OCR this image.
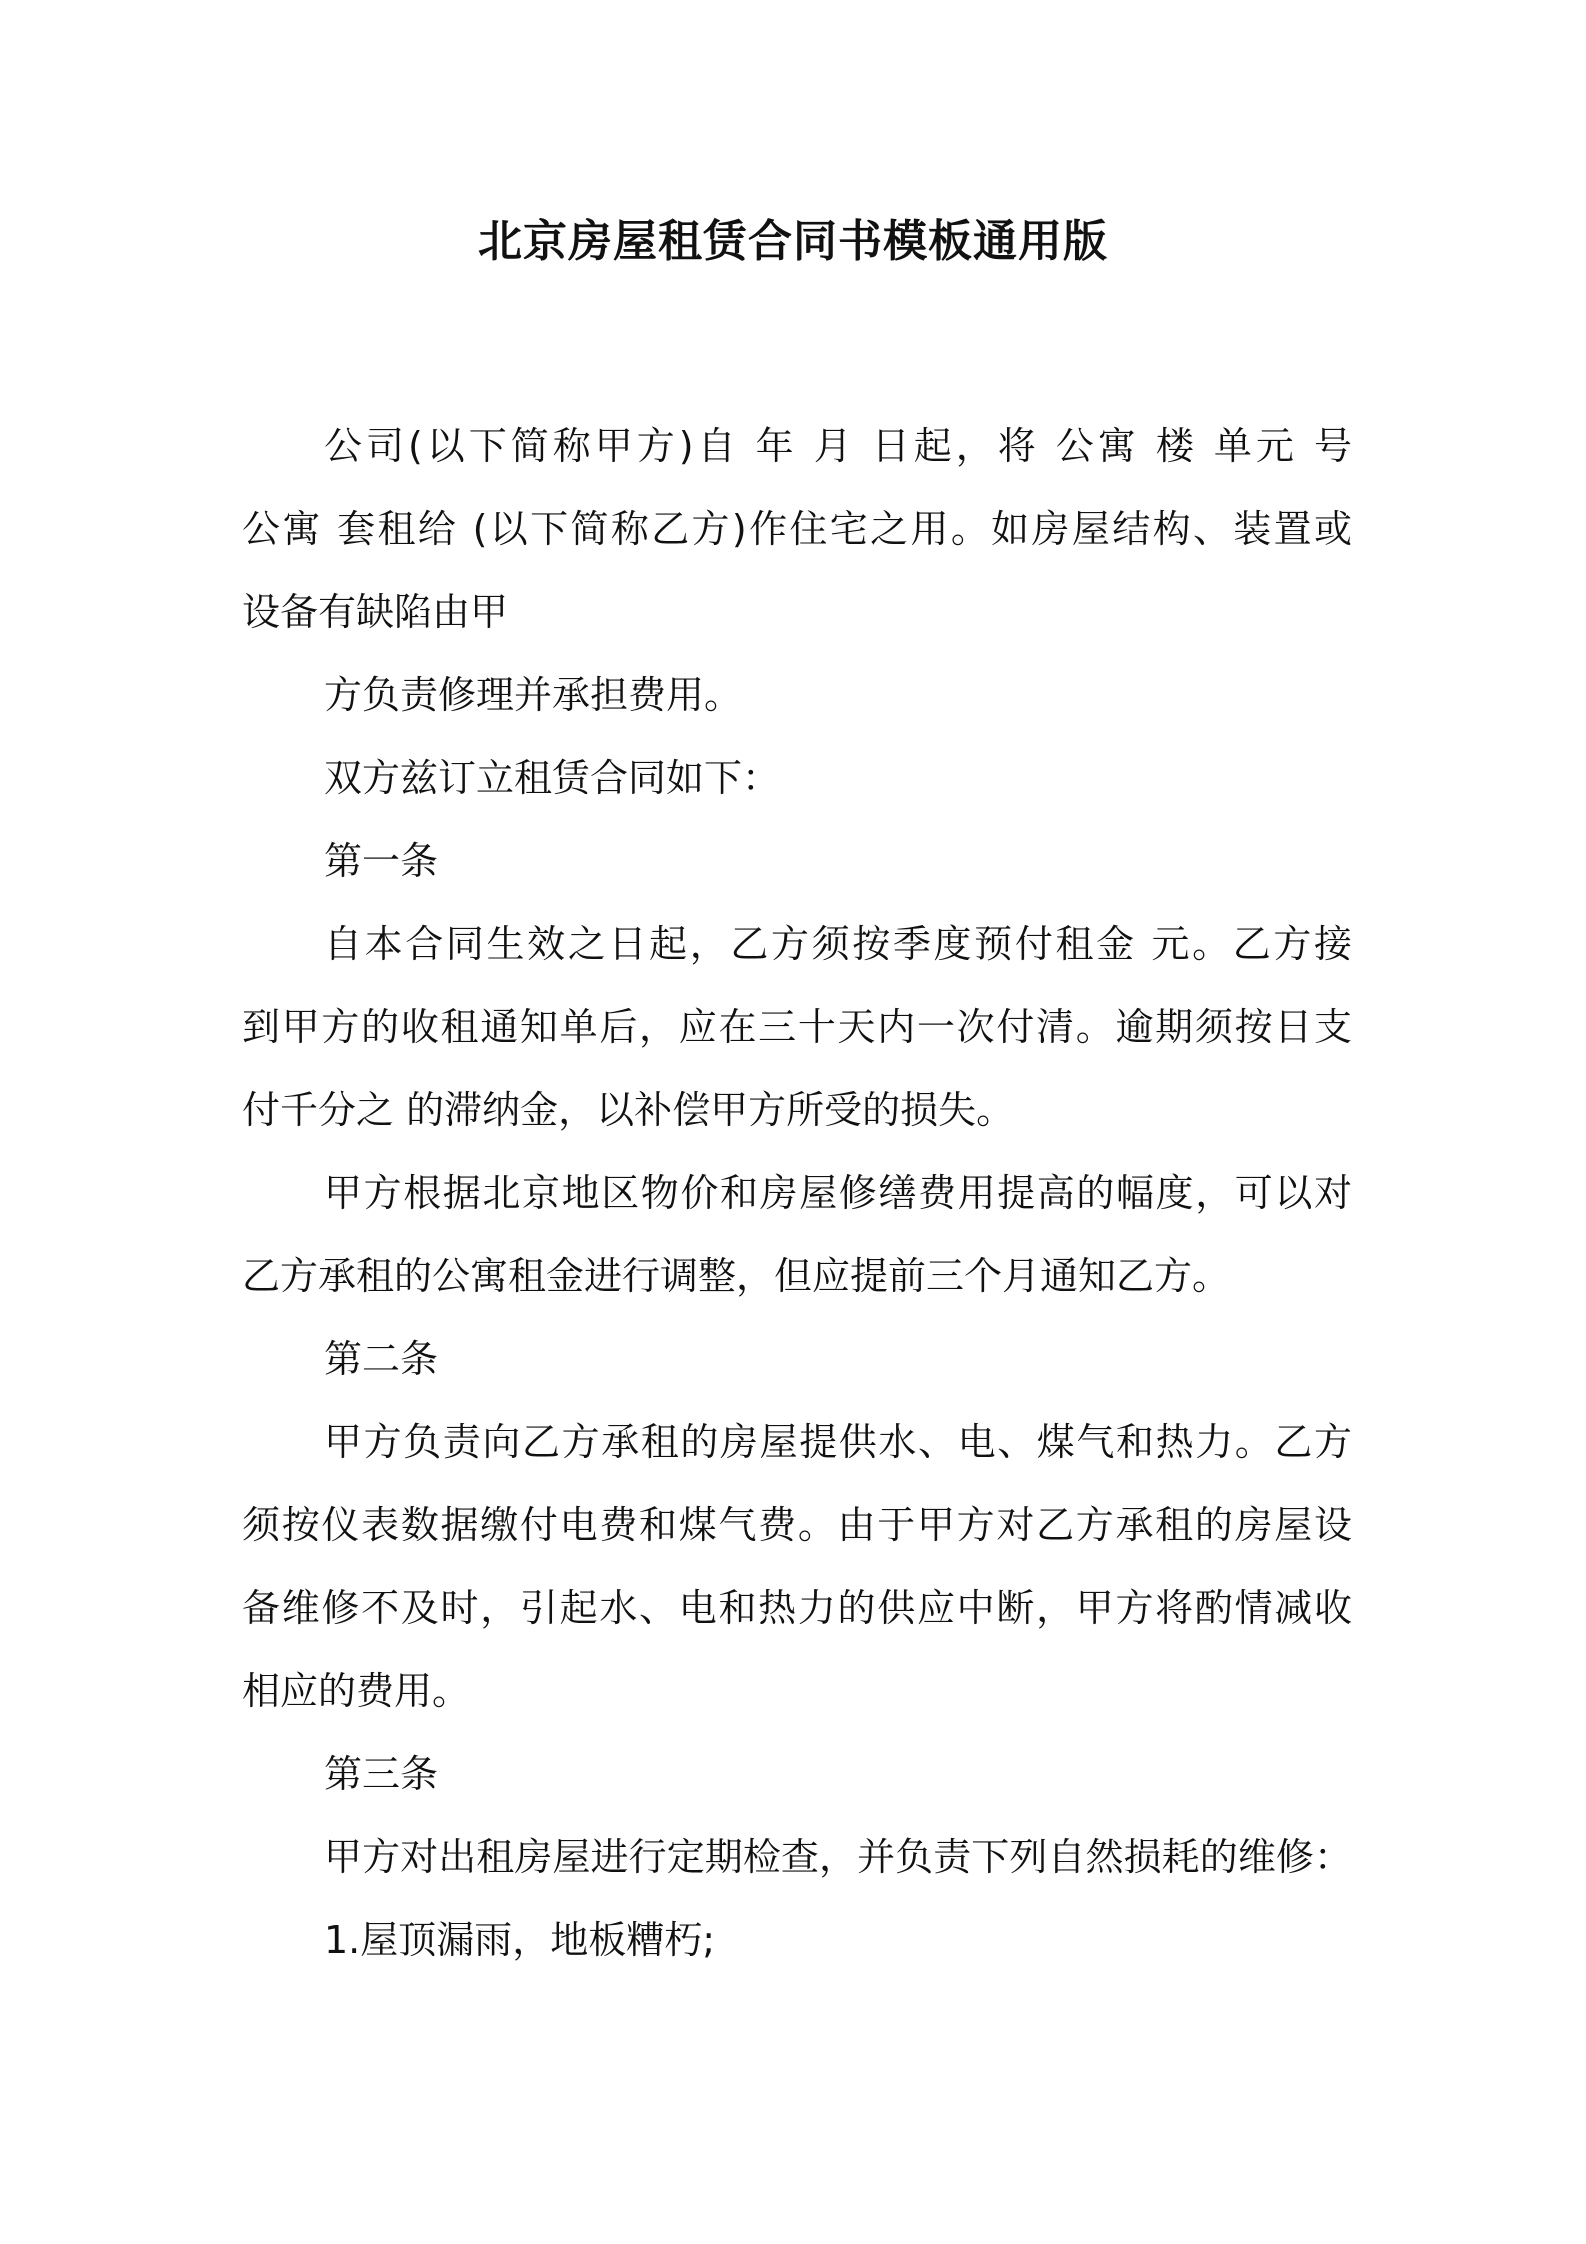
北京房屋租赁合同书模板通用版
公司(以下简称甲方)自 年 月 日起，将 公寓 楼 单元 号
公寓 套租给 (以下简称乙方)作住宅之用。如房屋结构、装置或
设备有缺陷由甲
方负责修理并承担费用。
双方兹订立租赁合同如下：
第一条
自本合同生效之日起，乙方须按季度预付租金 元。乙方接
到甲方的收租通知单后，应在三十天内一次付清。逾期须按日支
付千分之 的滞纳金，以补偿甲方所受的损失。
甲方根据北京地区物价和房屋修缮费用提高的幅度，可以对
乙方承租的公寓租金进行调整，但应提前三个月通知乙方。
第二条
甲方负责向乙方承租的房屋提供水、电、煤气和热力。乙方
须按仪表数据缴付电费和煤气费。由于甲方对乙方承租的房屋设
备维修不及时，引起水、电和热力的供应中断，甲方将酌情减收
相应的费用。
第三条
甲方对出租房屋进行定期检查，并负责下列自然损耗的维修：
1.屋顶漏雨，地板糟朽;
